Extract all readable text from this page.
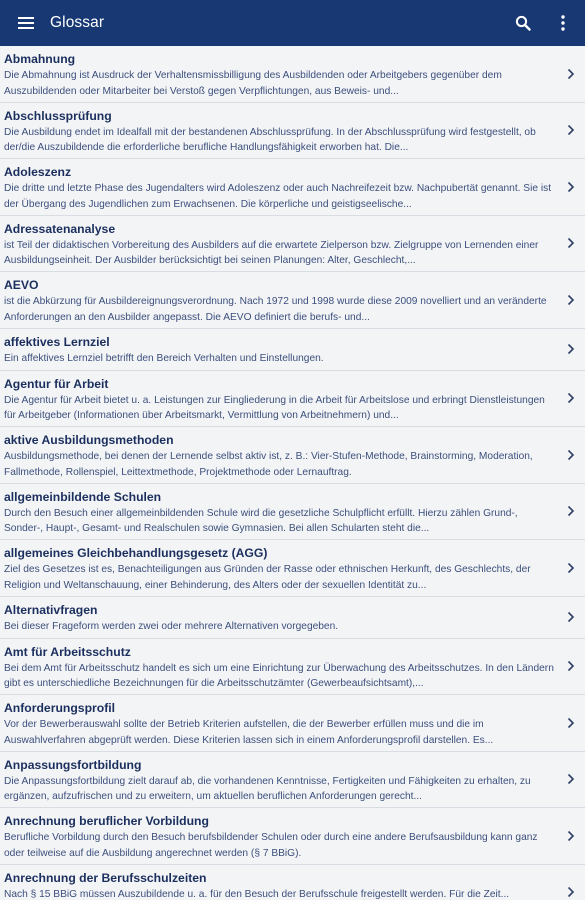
Glossar
Abmahnung
Die Abmahnung ist Ausdruck der Verhaltensmissbilligung des Ausbildenden oder Arbeitgebers gegenüber dem Auszubildenden oder Mitarbeiter bei Verstoß gegen Verpflichtungen, aus Beweis- und...
Abschlussprüfung
Die Ausbildung endet im Idealfall mit der bestandenen Abschlussprüfung. In der Abschlussprüfung wird festgestellt, ob der/die Auszubildende die erforderliche berufliche Handlungsfähigkeit erworben hat. Die...
Adoleszenz
Die dritte und letzte Phase des Jugendalters wird Adoleszenz oder auch Nachreifezeit bzw. Nachpubertät genannt. Sie ist der Übergang des Jugendlichen zum Erwachsenen. Die körperliche und geistigseelische...
Adressatenanalyse
ist Teil der didaktischen Vorbereitung des Ausbilders auf die erwartete Zielperson bzw. Zielgruppe von Lernenden einer Ausbildungseinheit. Der Ausbilder berücksichtigt bei seinen Planungen: Alter, Geschlecht,...
AEVO
ist die Abkürzung für Ausbildereignungsverordnung. Nach 1972 und 1998 wurde diese 2009 novelliert und an veränderte Anforderungen an den Ausbilder angepasst. Die AEVO definiert die berufs- und...
affektives Lernziel
Ein affektives Lernziel betrifft den Bereich Verhalten und Einstellungen.
Agentur für Arbeit
Die Agentur für Arbeit bietet u. a. Leistungen zur Eingliederung in die Arbeit für Arbeitslose und erbringt Dienstleistungen für Arbeitgeber (Informationen über Arbeitsmarkt, Vermittlung von Arbeitnehmern) und...
aktive Ausbildungsmethoden
Ausbildungsmethode, bei denen der Lernende selbst aktiv ist, z. B.: Vier-Stufen-Methode, Brainstorming, Moderation, Fallmethode, Rollenspiel, Leittextmethode, Projektmethode oder Lernauftrag.
allgemeinbildende Schulen
Durch den Besuch einer allgemeinbildenden Schule wird die gesetzliche Schulpflicht erfüllt. Hierzu zählen Grund-, Sonder-, Haupt-, Gesamt- und Realschulen sowie Gymnasien. Bei allen Schularten steht die...
allgemeines Gleichbehandlungsgesetz (AGG)
Ziel des Gesetzes ist es, Benachteiligungen aus Gründen der Rasse oder ethnischen Herkunft, des Geschlechts, der Religion und Weltanschauung, einer Behinderung, des Alters oder der sexuellen Identität zu...
Alternativfragen
Bei dieser Frageform werden zwei oder mehrere Alternativen vorgegeben.
Amt für Arbeitsschutz
Bei dem Amt für Arbeitsschutz handelt es sich um eine Einrichtung zur Überwachung des Arbeitsschutzes. In den Ländern gibt es unterschiedliche Bezeichnungen für die Arbeitsschutzämter (Gewerbeaufsichtsamt),...
Anforderungsprofil
Vor der Bewerberauswahl sollte der Betrieb Kriterien aufstellen, die der Bewerber erfüllen muss und die im Auswahlverfahren abgeprüft werden. Diese Kriterien lassen sich in einem Anforderungsprofil darstellen. Es...
Anpassungsfortbildung
Die Anpassungsfortbildung zielt darauf ab, die vorhandenen Kenntnisse, Fertigkeiten und Fähigkeiten zu erhalten, zu ergänzen, aufzufrischen und zu erweitern, um aktuellen beruflichen Anforderungen gerecht...
Anrechnung beruflicher Vorbildung
Berufliche Vorbildung durch den Besuch berufsbildender Schulen oder durch eine andere Berufsausbildung kann ganz oder teilweise auf die Ausbildung angerechnet werden (§ 7 BBiG).
Anrechnung der Berufsschulzeiten
Nach § 15 BBiG müssen Auszubildende u. a. für den Besuch der Berufsschule freigestellt werden. Für die Zeit...
